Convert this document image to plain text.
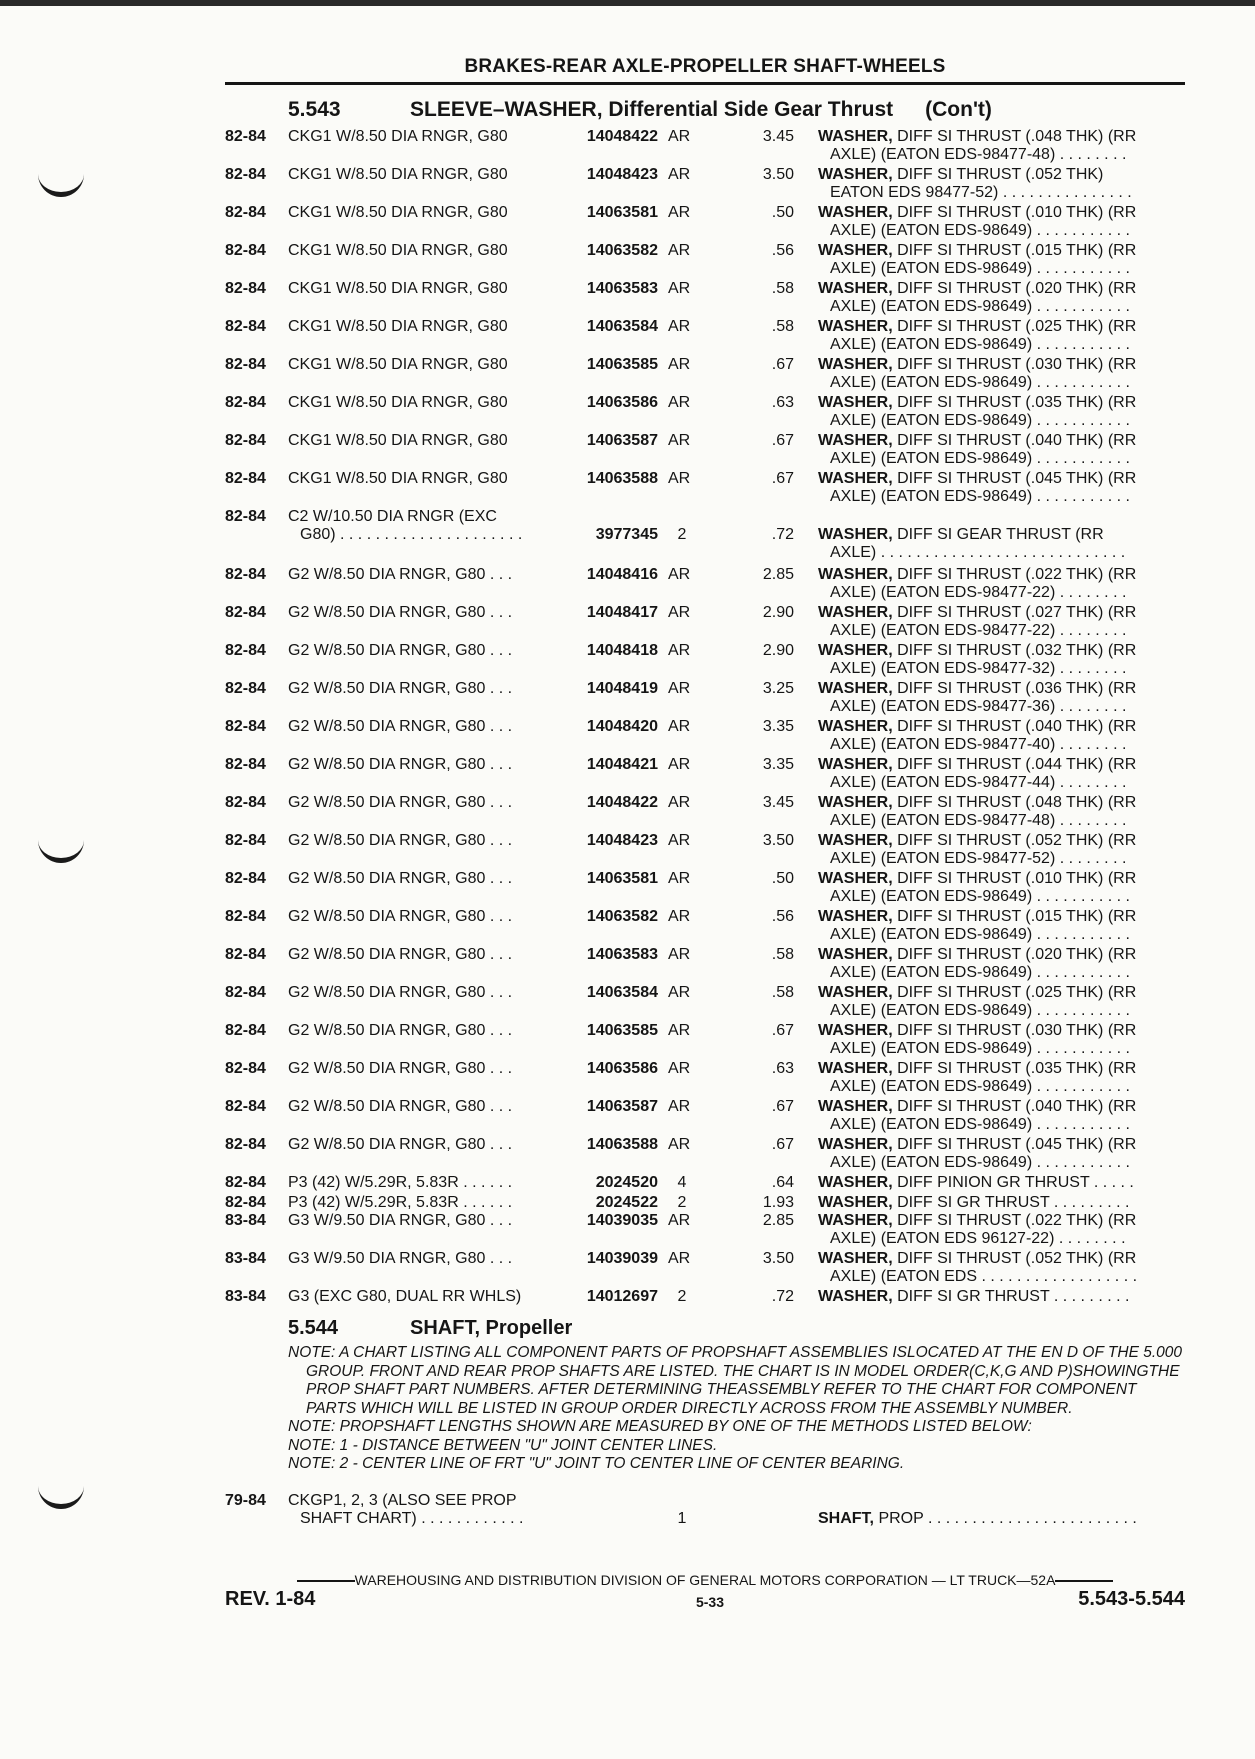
BRAKES-REAR AXLE-PROPELLER SHAFT-WHEELS
5.543	SLEEVE–WASHER, Differential Side Gear Thrust (Con't)
82-84 CKG1 W/8.50 DIA RNGR, G80	14048422 AR	3.45 WASHER, DIFF SI THRUST (.048 THK) (RR
AXLE) (EATON EDS-98477-48) . . . . . . . .
82-84 CKG1 W/8.50 DIA RNGR, G80	14048423 AR	3.50 WASHER, DIFF SI THRUST (.052 THK)
EATON EDS 98477-52) . . . . . . . . . . . . . . .
82-84 CKG1 W/8.50 DIA RNGR, G80	14063581 AR	.50 WASHER, DIFF SI THRUST (.010 THK) (RR
AXLE) (EATON EDS-98649) . . . . . . . . . . .
82-84 CKG1 W/8.50 DIA RNGR, G80	14063582 AR	.56 WASHER, DIFF SI THRUST (.015 THK) (RR
AXLE) (EATON EDS-98649) . . . . . . . . . . .
82-84 CKG1 W/8.50 DIA RNGR, G80	14063583 AR	.58 WASHER, DIFF SI THRUST (.020 THK) (RR
AXLE) (EATON EDS-98649) . . . . . . . . . . .
82-84 CKG1 W/8.50 DIA RNGR, G80	14063584 AR	.58 WASHER, DIFF SI THRUST (.025 THK) (RR
AXLE) (EATON EDS-98649) . . . . . . . . . . .
82-84 CKG1 W/8.50 DIA RNGR, G80	14063585 AR	.67 WASHER, DIFF SI THRUST (.030 THK) (RR
AXLE) (EATON EDS-98649) . . . . . . . . . . .
82-84 CKG1 W/8.50 DIA RNGR, G80	14063586 AR	.63 WASHER, DIFF SI THRUST (.035 THK) (RR
AXLE) (EATON EDS-98649) . . . . . . . . . . .
82-84 CKG1 W/8.50 DIA RNGR, G80	14063587 AR	.67 WASHER, DIFF SI THRUST (.040 THK) (RR
AXLE) (EATON EDS-98649) . . . . . . . . . . .
82-84 CKG1 W/8.50 DIA RNGR, G80	14063588 AR	.67 WASHER, DIFF SI THRUST (.045 THK) (RR
AXLE) (EATON EDS-98649) . . . . . . . . . . .
82-84 C2 W/10.50 DIA RNGR (EXC
G80) . . . . . . . . . . . . . . . . . . . . .	3977345	2	.72 WASHER, DIFF SI GEAR THRUST (RR
AXLE) . . . . . . . . . . . . . . . . . . . . . . . . . . . .
82-84 G2 W/8.50 DIA RNGR, G80 . . .	14048416 AR	2.85 WASHER, DIFF SI THRUST (.022 THK) (RR
AXLE) (EATON EDS-98477-22) . . . . . . . .
82-84 G2 W/8.50 DIA RNGR, G80 . . .	14048417 AR	2.90 WASHER, DIFF SI THRUST (.027 THK) (RR
AXLE) (EATON EDS-98477-22) . . . . . . . .
82-84 G2 W/8.50 DIA RNGR, G80 . . .	14048418 AR	2.90 WASHER, DIFF SI THRUST (.032 THK) (RR
AXLE) (EATON EDS-98477-32) . . . . . . . .
82-84 G2 W/8.50 DIA RNGR, G80 . . .	14048419 AR	3.25 WASHER, DIFF SI THRUST (.036 THK) (RR
AXLE) (EATON EDS-98477-36) . . . . . . . .
82-84 G2 W/8.50 DIA RNGR, G80 . . .	14048420 AR	3.35 WASHER, DIFF SI THRUST (.040 THK) (RR
AXLE) (EATON EDS-98477-40) . . . . . . . .
82-84 G2 W/8.50 DIA RNGR, G80 . . .	14048421 AR	3.35 WASHER, DIFF SI THRUST (.044 THK) (RR
AXLE) (EATON EDS-98477-44) . . . . . . . .
82-84 G2 W/8.50 DIA RNGR, G80 . . .	14048422 AR	3.45 WASHER, DIFF SI THRUST (.048 THK) (RR
AXLE) (EATON EDS-98477-48) . . . . . . . .
82-84 G2 W/8.50 DIA RNGR, G80 . . .	14048423 AR	3.50 WASHER, DIFF SI THRUST (.052 THK) (RR
AXLE) (EATON EDS-98477-52) . . . . . . . .
82-84 G2 W/8.50 DIA RNGR, G80 . . .	14063581 AR	.50 WASHER, DIFF SI THRUST (.010 THK) (RR
AXLE) (EATON EDS-98649) . . . . . . . . . . .
82-84 G2 W/8.50 DIA RNGR, G80 . . .	14063582 AR	.56 WASHER, DIFF SI THRUST (.015 THK) (RR
AXLE) (EATON EDS-98649) . . . . . . . . . . .
82-84 G2 W/8.50 DIA RNGR, G80 . . .	14063583 AR	.58 WASHER, DIFF SI THRUST (.020 THK) (RR
AXLE) (EATON EDS-98649) . . . . . . . . . . .
82-84 G2 W/8.50 DIA RNGR, G80 . . .	14063584 AR	.58 WASHER, DIFF SI THRUST (.025 THK) (RR
AXLE) (EATON EDS-98649) . . . . . . . . . . .
82-84 G2 W/8.50 DIA RNGR, G80 . . .	14063585 AR	.67 WASHER, DIFF SI THRUST (.030 THK) (RR
AXLE) (EATON EDS-98649) . . . . . . . . . . .
82-84 G2 W/8.50 DIA RNGR, G80 . . .	14063586 AR	.63 WASHER, DIFF SI THRUST (.035 THK) (RR
AXLE) (EATON EDS-98649) . . . . . . . . . . .
82-84 G2 W/8.50 DIA RNGR, G80 . . .	14063587 AR	.67 WASHER, DIFF SI THRUST (.040 THK) (RR
AXLE) (EATON EDS-98649) . . . . . . . . . . .
82-84 G2 W/8.50 DIA RNGR, G80 . . .	14063588 AR	.67 WASHER, DIFF SI THRUST (.045 THK) (RR
AXLE) (EATON EDS-98649) . . . . . . . . . . .
82-84 P3 (42) W/5.29R, 5.83R . . . . . .	2024520	4	.64 WASHER, DIFF PINION GR THRUST . . . . .
82-84 P3 (42) W/5.29R, 5.83R . . . . . .	2024522	2	1.93 WASHER, DIFF SI GR THRUST . . . . . . . . .
83-84 G3 W/9.50 DIA RNGR, G80 . . .	14039035 AR	2.85 WASHER, DIFF SI THRUST (.022 THK) (RR
AXLE) (EATON EDS 96127-22) . . . . . . . .
83-84 G3 W/9.50 DIA RNGR, G80 . . .	14039039 AR	3.50 WASHER, DIFF SI THRUST (.052 THK) (RR
AXLE) (EATON EDS . . . . . . . . . . . . . . . . . .
83-84 G3 (EXC G80, DUAL RR WHLS)	14012697	2	.72 WASHER, DIFF SI GR THRUST . . . . . . . . .
5.544	SHAFT, Propeller

NOTE: A CHART LISTING ALL COMPONENT PARTS OF PROPSHAFT ASSEMBLIES ISLOCATED AT THE EN D OF THE 5.000 GROUP. FRONT AND REAR PROP SHAFTS ARE LISTED. THE CHART IS IN MODEL ORDER(C,K,G AND P)SHOWINGTHE PROP SHAFT PART NUMBERS. AFTER DETERMINING THEASSEMBLY REFER TO THE CHART FOR COMPONENT PARTS WHICH WILL BE LISTED IN GROUP ORDER DIRECTLY ACROSS FROM THE ASSEMBLY NUMBER.

NOTE: PROPSHAFT LENGTHS SHOWN ARE MEASURED BY ONE OF THE METHODS LISTED BELOW:

NOTE: 1 - DISTANCE BETWEEN "U" JOINT CENTER LINES.

NOTE: 2 - CENTER LINE OF FRT "U" JOINT TO CENTER LINE OF CENTER BEARING.

79-84 CKGP1, 2, 3 (ALSO SEE PROP
SHAFT CHART) . . . . . . . . . . . .	1	SHAFT, PROP . . . . . . . . . . . . . . . . . . . . . . . .
WAREHOUSING AND DISTRIBUTION DIVISION OF GENERAL MOTORS CORPORATION — LT TRUCK—52A
REV. 1-84	5-33	5.543-5.544
